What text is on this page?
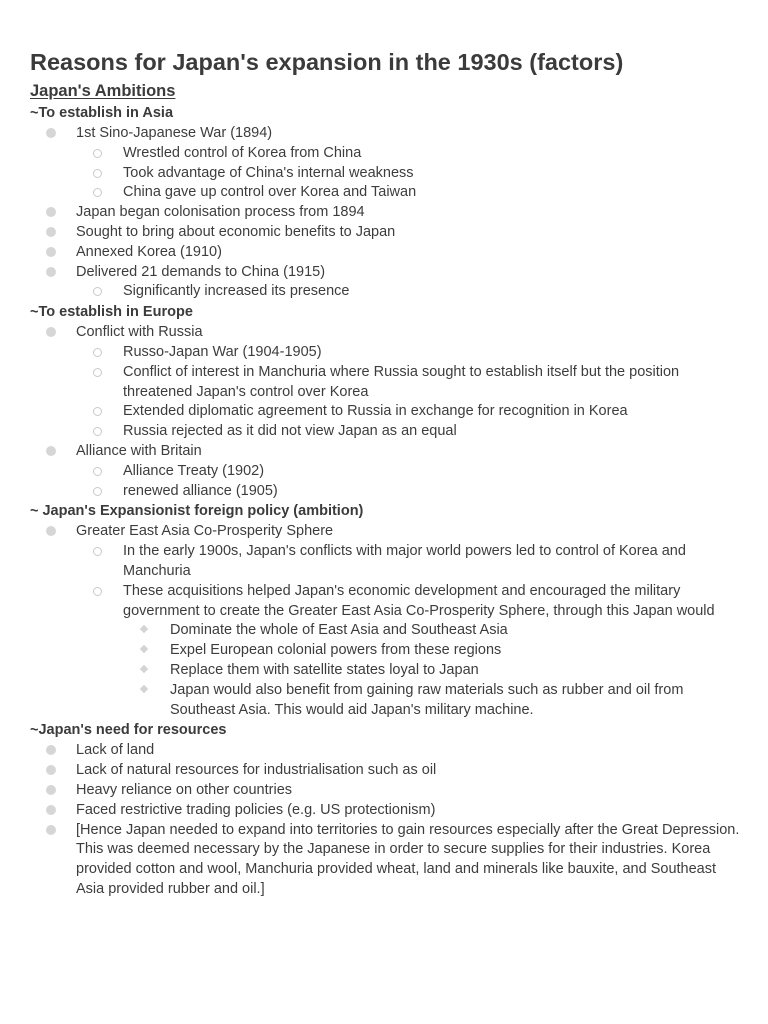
Reasons for Japan's expansion in the 1930s (factors)
Japan's Ambitions
~To establish in Asia
1st Sino-Japanese War (1894)
Wrestled control of Korea from China
Took advantage of China's internal weakness
China gave up control over Korea and Taiwan
Japan began colonisation process from 1894
Sought to bring about economic benefits to Japan
Annexed Korea (1910)
Delivered 21 demands to China (1915)
Significantly increased its presence
~To establish in Europe
Conflict with Russia
Russo-Japan War (1904-1905)
Conflict of interest in Manchuria where Russia sought to establish itself but the position threatened Japan's control over Korea
Extended diplomatic agreement to Russia in exchange for recognition in Korea
Russia rejected as it did not view Japan as an equal
Alliance with Britain
Alliance Treaty (1902)
renewed alliance (1905)
~ Japan's Expansionist foreign policy (ambition)
Greater East Asia Co-Prosperity Sphere
In the early 1900s, Japan's conflicts with major world powers led to control of Korea and Manchuria
These acquisitions helped Japan's economic development and encouraged the military government to create the Greater East Asia Co-Prosperity Sphere, through this Japan would
Dominate the whole of East Asia and Southeast Asia
Expel European colonial powers from these regions
Replace them with satellite states loyal to Japan
Japan would also benefit from gaining raw materials such as rubber and oil from Southeast Asia. This would aid Japan's military machine.
~Japan's need for resources
Lack of land
Lack of natural resources for industrialisation such as oil
Heavy reliance on other countries
Faced restrictive trading policies (e.g. US protectionism)
[Hence Japan needed to expand into territories to gain resources especially after the Great Depression. This was deemed necessary by the Japanese in order to secure supplies for their industries. Korea provided cotton and wool, Manchuria provided wheat, land and minerals like bauxite, and Southeast Asia provided rubber and oil.]
